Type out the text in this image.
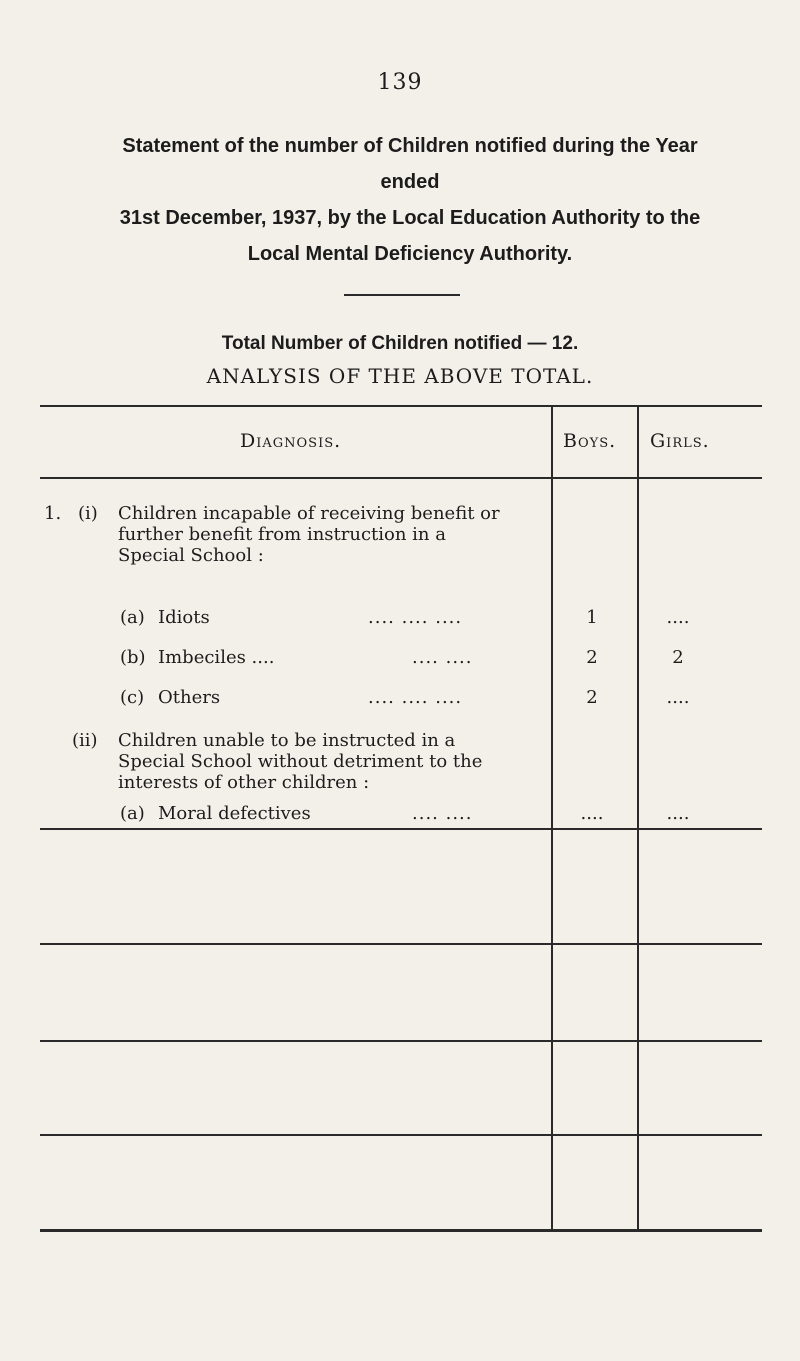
139
Statement of the number of Children notified during the Year ended
31st December, 1937, by the Local Education Authority to the
Local Mental Deficiency Authority.
Total Number of Children notified — 12.
ANALYSIS OF THE ABOVE TOTAL.
Diagnosis.	Boys. Girls.
1. (i) Children incapable of receiving benefit or
further benefit from instruction in a
Special School :
(a) Idiots	.... .... ....	1	....
(b) Imbeciles ....	.... ....	2	2
(c) Others	.... .... ....	2	....
(ii) Children unable to be instructed in a
Special School without detriment to the
interests of other children :
(a) Moral defectives	.... ....	....	....
